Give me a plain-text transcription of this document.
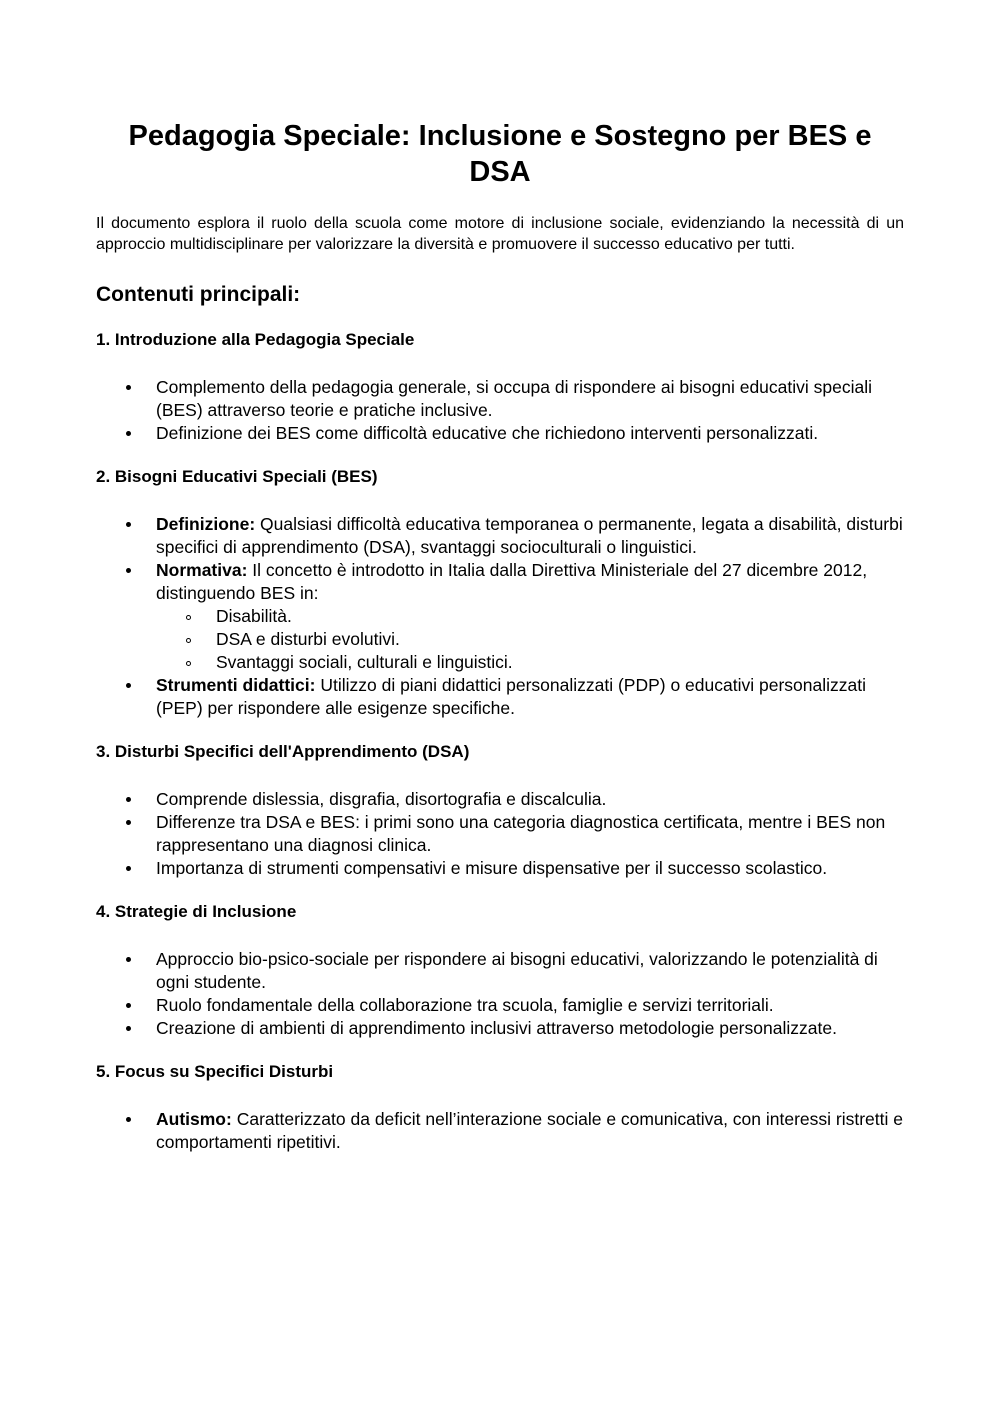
Pedagogia Speciale: Inclusione e Sostegno per BES e DSA

Il documento esplora il ruolo della scuola come motore di inclusione sociale, evidenziando la necessità di un approccio multidisciplinare per valorizzare la diversità e promuovere il successo educativo per tutti.

Contenuti principali:
1. Introduzione alla Pedagogia Speciale
Complemento della pedagogia generale, si occupa di rispondere ai bisogni educativi speciali (BES) attraverso teorie e pratiche inclusive.
Definizione dei BES come difficoltà educative che richiedono interventi personalizzati.
2. Bisogni Educativi Speciali (BES)
Definizione: Qualsiasi difficoltà educativa temporanea o permanente, legata a disabilità, disturbi specifici di apprendimento (DSA), svantaggi socioculturali o linguistici.
Normativa: Il concetto è introdotto in Italia dalla Direttiva Ministeriale del 27 dicembre 2012, distinguendo BES in:
Disabilità.
DSA e disturbi evolutivi.
Svantaggi sociali, culturali e linguistici.
Strumenti didattici: Utilizzo di piani didattici personalizzati (PDP) o educativi personalizzati (PEP) per rispondere alle esigenze specifiche.
3. Disturbi Specifici dell'Apprendimento (DSA)
Comprende dislessia, disgrafia, disortografia e discalculia.
Differenze tra DSA e BES: i primi sono una categoria diagnostica certificata, mentre i BES non rappresentano una diagnosi clinica.
Importanza di strumenti compensativi e misure dispensative per il successo scolastico.
4. Strategie di Inclusione
Approccio bio-psico-sociale per rispondere ai bisogni educativi, valorizzando le potenzialità di ogni studente.
Ruolo fondamentale della collaborazione tra scuola, famiglie e servizi territoriali.
Creazione di ambienti di apprendimento inclusivi attraverso metodologie personalizzate.
5. Focus su Specifici Disturbi
Autismo: Caratterizzato da deficit nell’interazione sociale e comunicativa, con interessi ristretti e comportamenti ripetitivi.
